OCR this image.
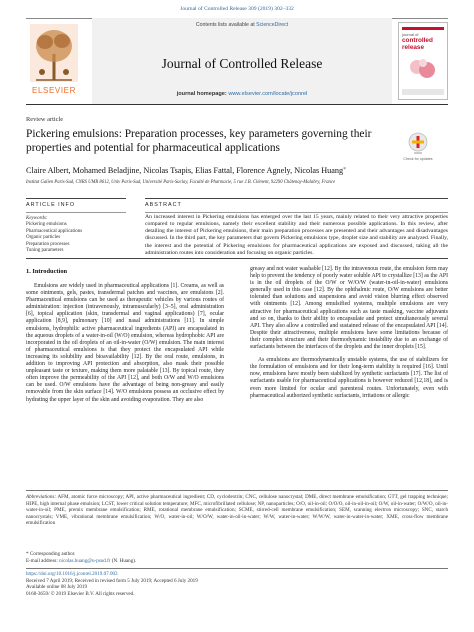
Journal of Controlled Release 309 (2019) 302–332
ELSEVIER
Contents lists available at ScienceDirect
Journal of Controlled Release
journal homepage: www.elsevier.com/locate/jconrel
journal of
controlled release
Review article
Pickering emulsions: Preparation processes, key parameters governing their properties and potential for pharmaceutical applications
Check for updates
Claire Albert, Mohamed Beladjine, Nicolas Tsapis, Elias Fattal, Florence Agnely, Nicolas Huang*
Institut Galien Paris-Sud, CNRS UMR 8612, Univ Paris-Sud, Université Paris-Saclay, Faculté de Pharmacie, 5 rue J.B. Clément, 92290 Châtenay-Malabry, France
ARTICLE INFO	ABSTRACT
Keywords:
Pickering emulsions
Pharmaceutical applications
Organic particles
Preparation processes
Tuning parameters
An increased interest in Pickering emulsions has emerged over the last 15 years, mainly related to their very attractive properties compared to regular emulsions, namely their excellent stability and their numerous possible applications. In this review, after detailing the interest of Pickering emulsions, their main preparation processes are presented and their advantages and disadvantages discussed. In the third part, the key parameters that govern Pickering emulsions type, droplet size and stability are analyzed. Finally, the interest and the potential of Pickering emulsions for pharmaceutical applications are exposed and discussed, taking all the administration routes into consideration and focusing on organic particles.
1. Introduction

Emulsions are widely used in pharmaceutical applications [1]. Creams, as well as some ointments, gels, pastes, transdermal patches and vaccines, are emulsions [2]. Pharmaceutical emulsions can be used as therapeutic vehicles by various routes of administration: injection (intravenously, intramuscularly) [3–5], oral administration [6], topical application (skin, transdermal and vaginal applications) [7], ocular application [8,9], pulmonary [10] and nasal administrations [11]. In simple emulsions, hydrophilic active pharmaceutical ingredients (API) are encapsulated in the aqueous droplets of a water-in-oil (W/O) emulsion, whereas hydrophobic API are incorporated in the oil droplets of an oil-in-water (O/W) emulsion. The main interest of pharmaceutical emulsions is that they protect the encapsulated API while increasing its solubility and bioavailability [12]. By the oral route, emulsions, in addition to improving API protection and absorption, also mask their possible unpleasant taste or texture, making them more palatable [13]. By topical route, they often improve the permeability of the API [12], and both O/W and W/O emulsions can be used. O/W emulsions have the advantage of being non-greasy and easily removable from the skin surface [14]. W/O emulsions possess an occlusive effect by hydrating the upper layer of the skin and avoiding evaporation. They are also

greasy and not water washable [12]. By the intravenous route, the emulsion form may help to prevent the tendency of poorly water soluble API to crystallize [13] as the API is in the oil droplets of the O/W or W/O/W (water-in-oil-in-water) emulsions generally used in this case [12]. By the ophthalmic route, O/W emulsions are better tolerated than solutions and suspensions and avoid vision blurring effect observed with ointments [12]. Among emulsified systems, multiple emulsions are very attractive for pharmaceutical applications such as taste masking, vaccine adjuvants and so on, thanks to their ability to encapsulate and protect simultaneously several API. They also allow a controlled and sustained release of the encapsulated API [14]. Despite their attractiveness, multiple emulsions have some limitations because of their complex structure and their thermodynamic instability due to an exchange of surfactants between the interfaces of the droplets and the inner droplets [15].

As emulsions are thermodynamically unstable systems, the use of stabilizers for the formulation of emulsions and for their long-term stability is required [16]. Until now, emulsions have mostly been stabilized by synthetic surfactants [17]. The list of surfactants usable for pharmaceutical applications is however reduced [12,18], and is even more limited for ocular and parenteral routes. Unfortunately, even with pharmaceutical authorized synthetic surfactants, irritations or allergic

Abbreviations: AFM, atomic force microscopy; API, active pharmaceutical ingredient; CD, cyclodextrin; CNC, cellulose nanocrystal; DME, direct membrane emulsification; GTT, gel trapping technique; HIPE, high internal phase emulsion; LCST, lower critical solution temperature; MFC, microfibrillated cellulose; NP, nanoparticles; O/O, oil-in-oil; O/O/O, oil-in-oil-in-oil; O/W, oil-in-water; O/W/O, oil-in-water-in-oil; PME, premix membrane emulsification; RME, rotational membrane emulsification; SCME, stirred-cell membrane emulsification; SEM, scanning electron microscopy; SNC, starch nanocrystals; VME, vibrational membrane emulsification; W/O, water-in-oil; W/O/W, water-in-oil-in-water; W/W, water-in-water; W/W/W, water-in-water-in-water; XME, cross-flow membrane emulsification
* Corresponding author.
E-mail address: nicolas.huang@u-psud.fr (N. Huang).
https://doi.org/10.1016/j.jconrel.2019.07.003
Received 7 April 2019; Received in revised form 5 July 2019; Accepted 6 July 2019
Available online 08 July 2019
0168-3659/ © 2019 Elsevier B.V. All rights reserved.
